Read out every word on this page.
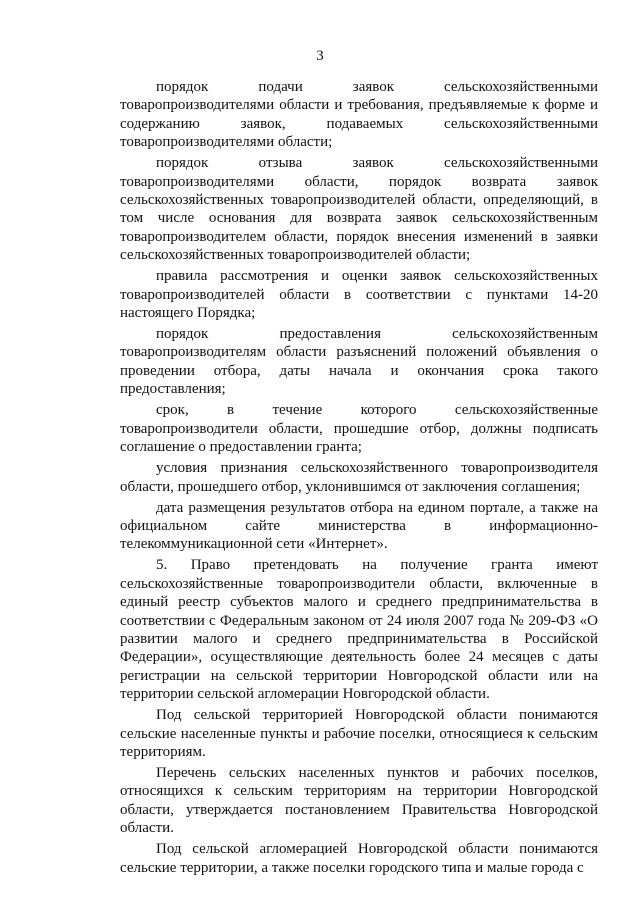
3

порядок подачи заявок сельскохозяйственными товаропроизводителями области и требования, предъявляемые к форме и содержанию заявок, подаваемых сельскохозяйственными товаропроизводителями области;

порядок отзыва заявок сельскохозяйственными товаропроизводителями области, порядок возврата заявок сельскохозяйственных товаропроизводителей области, определяющий, в том числе основания для возврата заявок сельскохозяйственным товаропроизводителем области, порядок внесения изменений в заявки сельскохозяйственных товаропроизводителей области;

правила рассмотрения и оценки заявок сельскохозяйственных товаропроизводителей области в соответствии с пунктами 14-20 настоящего Порядка;

порядок предоставления сельскохозяйственным товаропроизводителям области разъяснений положений объявления о проведении отбора, даты начала и окончания срока такого предоставления;

срок, в течение которого сельскохозяйственные товаропроизводители области, прошедшие отбор, должны подписать соглашение о предоставлении гранта;

условия признания сельскохозяйственного товаропроизводителя области, прошедшего отбор, уклонившимся от заключения соглашения;

дата размещения результатов отбора на едином портале, а также на официальном сайте министерства в информационно-телекоммуникационной сети «Интернет».

5. Право претендовать на получение гранта имеют сельскохозяйственные товаропроизводители области, включенные в единый реестр субъектов малого и среднего предпринимательства в соответствии с Федеральным законом от 24 июля 2007 года № 209-ФЗ «О развитии малого и среднего предпринимательства в Российской Федерации», осуществляющие деятельность более 24 месяцев с даты регистрации на сельской территории Новгородской области или на территории сельской агломерации Новгородской области.

Под сельской территорией Новгородской области понимаются сельские населенные пункты и рабочие поселки, относящиеся к сельским территориям.

Перечень сельских населенных пунктов и рабочих поселков, относящихся к сельским территориям на территории Новгородской области, утверждается постановлением Правительства Новгородской области.

Под сельской агломерацией Новгородской области понимаются сельские территории, а также поселки городского типа и малые города с
